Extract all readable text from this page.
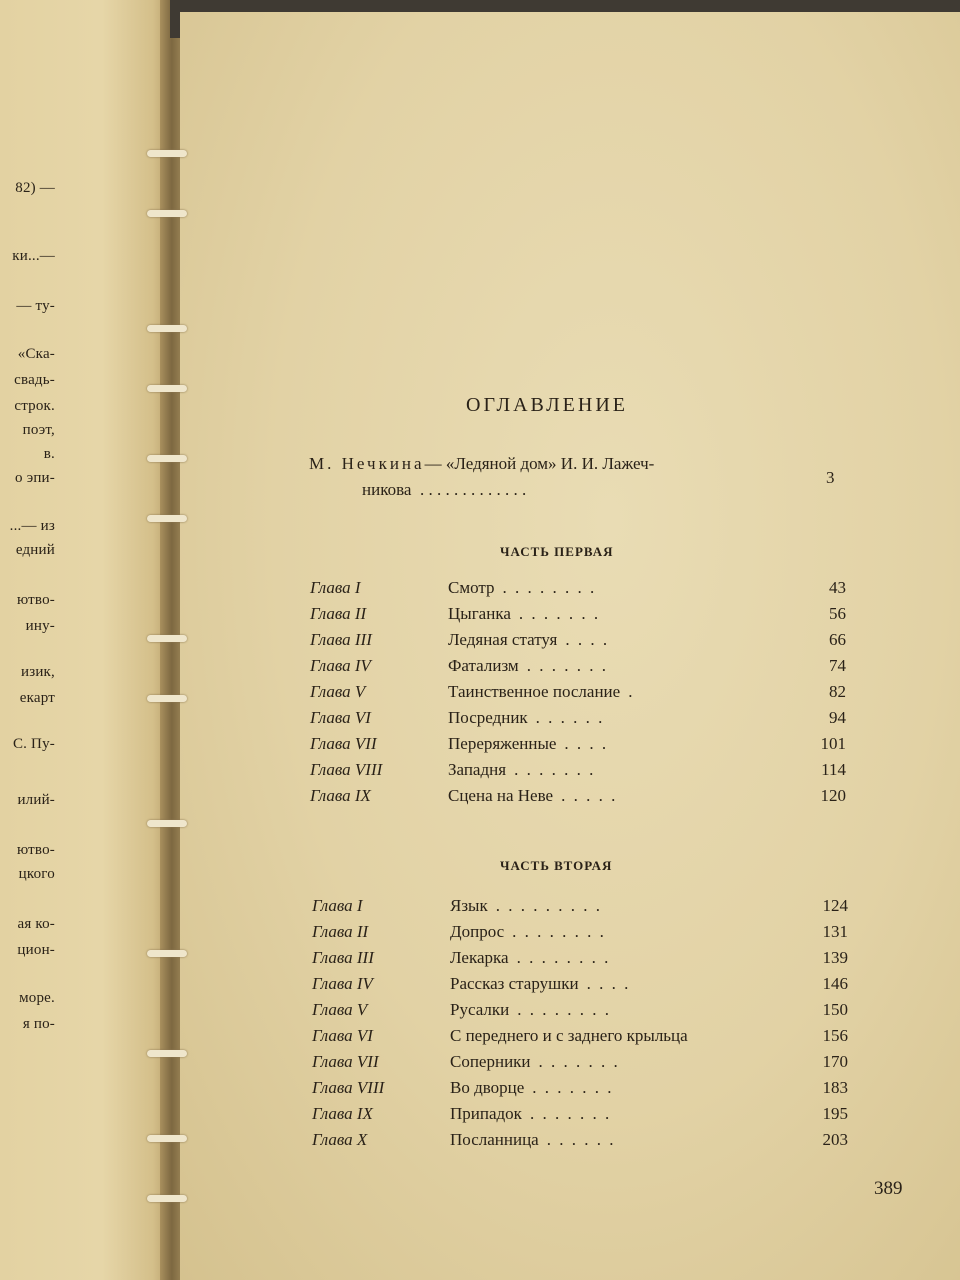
82) —
ки...—
— ту-
«Ска-
свадь-
строк.
поэт,
в.
о эпи-
...— из
едний
ютво-
ину-
изик,
екарт
С. Пу-
илий-
ютво-
цкого
ая ко-
цион-
море.
я по-
ОГЛАВЛЕНИЕ
М. Нечкина— «Ледяной дом» И. И. Лажеч-
никова . . . . . . . . . . . . .
3
ЧАСТЬ ПЕРВАЯ
Глава I	Смотр . . . . . . . .	43
Глава II	Цыганка . . . . . . .	56
Глава III	Ледяная статуя . . . .	66
Глава IV	Фатализм . . . . . . .	74
Глава V	Таинственное послание .	82
Глава VI	Посредник . . . . . .	94
Глава VII	Переряженные . . . .	101
Глава VIII	Западня . . . . . . .	114
Глава IX	Сцена на Неве . . . . .	120
ЧАСТЬ ВТОРАЯ
Глава I	Язык . . . . . . . . .	124
Глава II	Допрос . . . . . . . .	131
Глава III	Лекарка . . . . . . . .	139
Глава IV	Рассказ старушки . . . .	146
Глава V	Русалки . . . . . . . .	150
Глава VI	С переднего и с заднего крыльца	156
Глава VII	Соперники . . . . . . .	170
Глава VIII	Во дворце . . . . . . .	183
Глава IX	Припадок . . . . . . .	195
Глава X	Посланница . . . . . .	203
389
